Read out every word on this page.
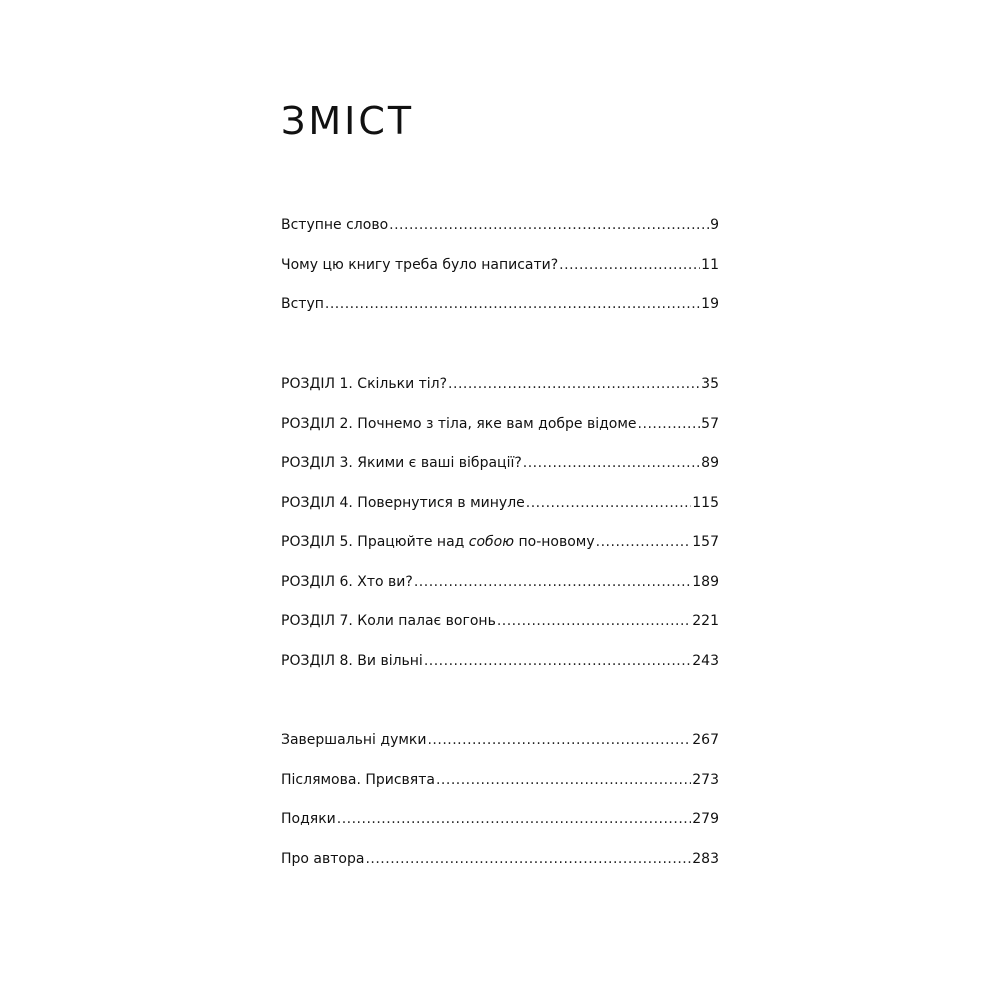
ЗМІСТ
Вступне слово .....	9
Чому цю книгу треба було написати? .....	11
Вступ .....	19
РОЗДІЛ 1. Скільки тіл? .....	35
РОЗДІЛ 2. Почнемо з тіла, яке вам добре відоме .....	57
РОЗДІЛ 3. Якими є ваші вібрації? .....	89
РОЗДІЛ 4. Повернутися в минуле .....	115
РОЗДІЛ 5. Працюйте над собою по-новому .....	157
РОЗДІЛ 6. Хто ви? .....	189
РОЗДІЛ 7. Коли палає вогонь .....	221
РОЗДІЛ 8. Ви вільні .....	243
Завершальні думки .....	267
Післямова. Присвята .....	273
Подяки .....	279
Про автора .....	283
